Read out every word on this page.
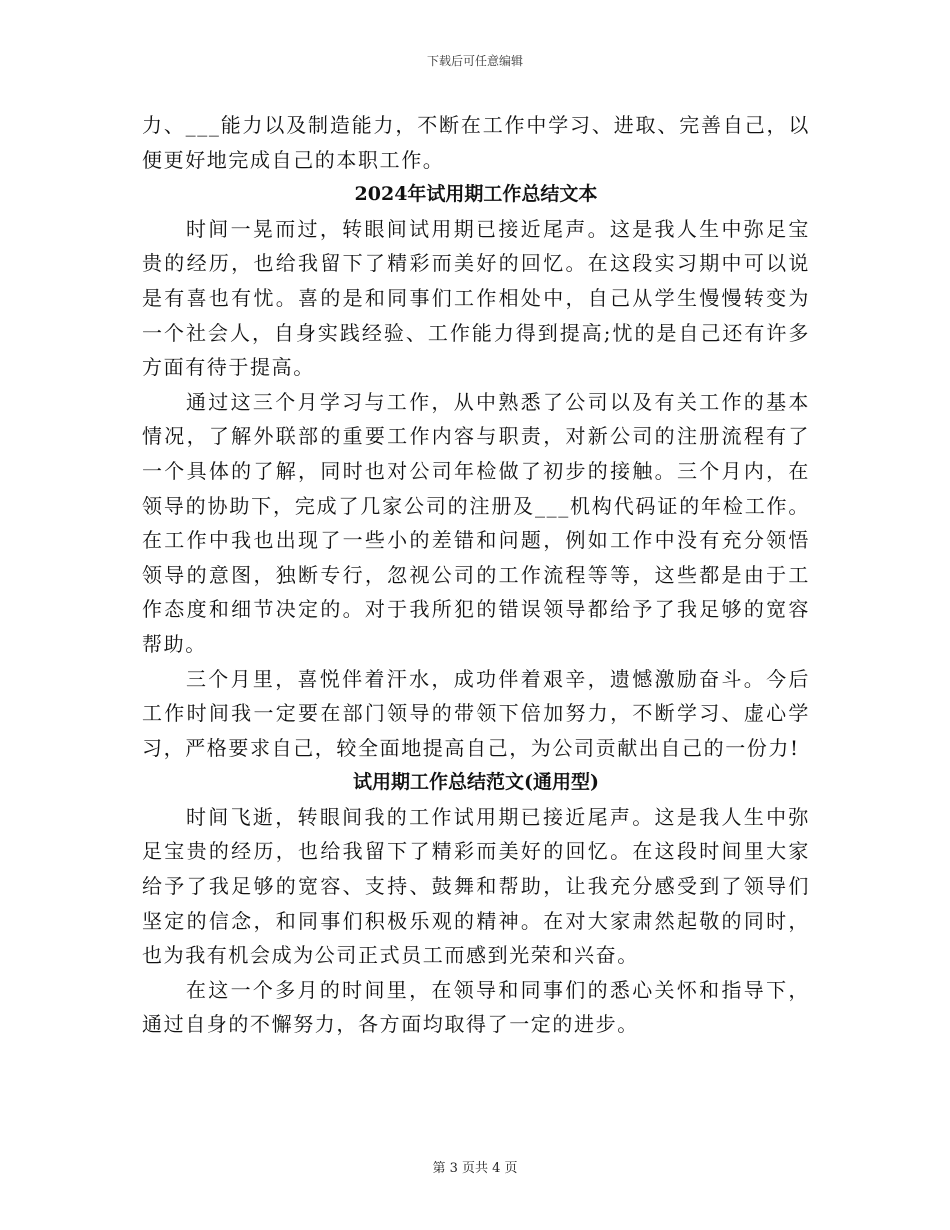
下载后可任意编辑

力、___能力以及制造能力，不断在工作中学习、进取、完善自己，以便更好地完成自己的本职工作。

2024年试用期工作总结文本

时间一晃而过，转眼间试用期已接近尾声。这是我人生中弥足宝贵的经历，也给我留下了精彩而美好的回忆。在这段实习期中可以说是有喜也有忧。喜的是和同事们工作相处中，自己从学生慢慢转变为一个社会人，自身实践经验、工作能力得到提高;忧的是自己还有许多方面有待于提高。

通过这三个月学习与工作，从中熟悉了公司以及有关工作的基本情况，了解外联部的重要工作内容与职责，对新公司的注册流程有了一个具体的了解，同时也对公司年检做了初步的接触。三个月内，在领导的协助下，完成了几家公司的注册及___机构代码证的年检工作。在工作中我也出现了一些小的差错和问题，例如工作中没有充分领悟领导的意图，独断专行，忽视公司的工作流程等等，这些都是由于工作态度和细节决定的。对于我所犯的错误领导都给予了我足够的宽容帮助。

三个月里，喜悦伴着汗水，成功伴着艰辛，遗憾激励奋斗。今后工作时间我一定要在部门领导的带领下倍加努力，不断学习、虚心学习，严格要求自己，较全面地提高自己，为公司贡献出自己的一份力!

试用期工作总结范文(通用型)

时间飞逝，转眼间我的工作试用期已接近尾声。这是我人生中弥足宝贵的经历，也给我留下了精彩而美好的回忆。在这段时间里大家给予了我足够的宽容、支持、鼓舞和帮助，让我充分感受到了领导们坚定的信念，和同事们积极乐观的精神。在对大家肃然起敬的同时，也为我有机会成为公司正式员工而感到光荣和兴奋。

在这一个多月的时间里，在领导和同事们的悉心关怀和指导下，通过自身的不懈努力，各方面均取得了一定的进步。

第 3 页共 4 页
